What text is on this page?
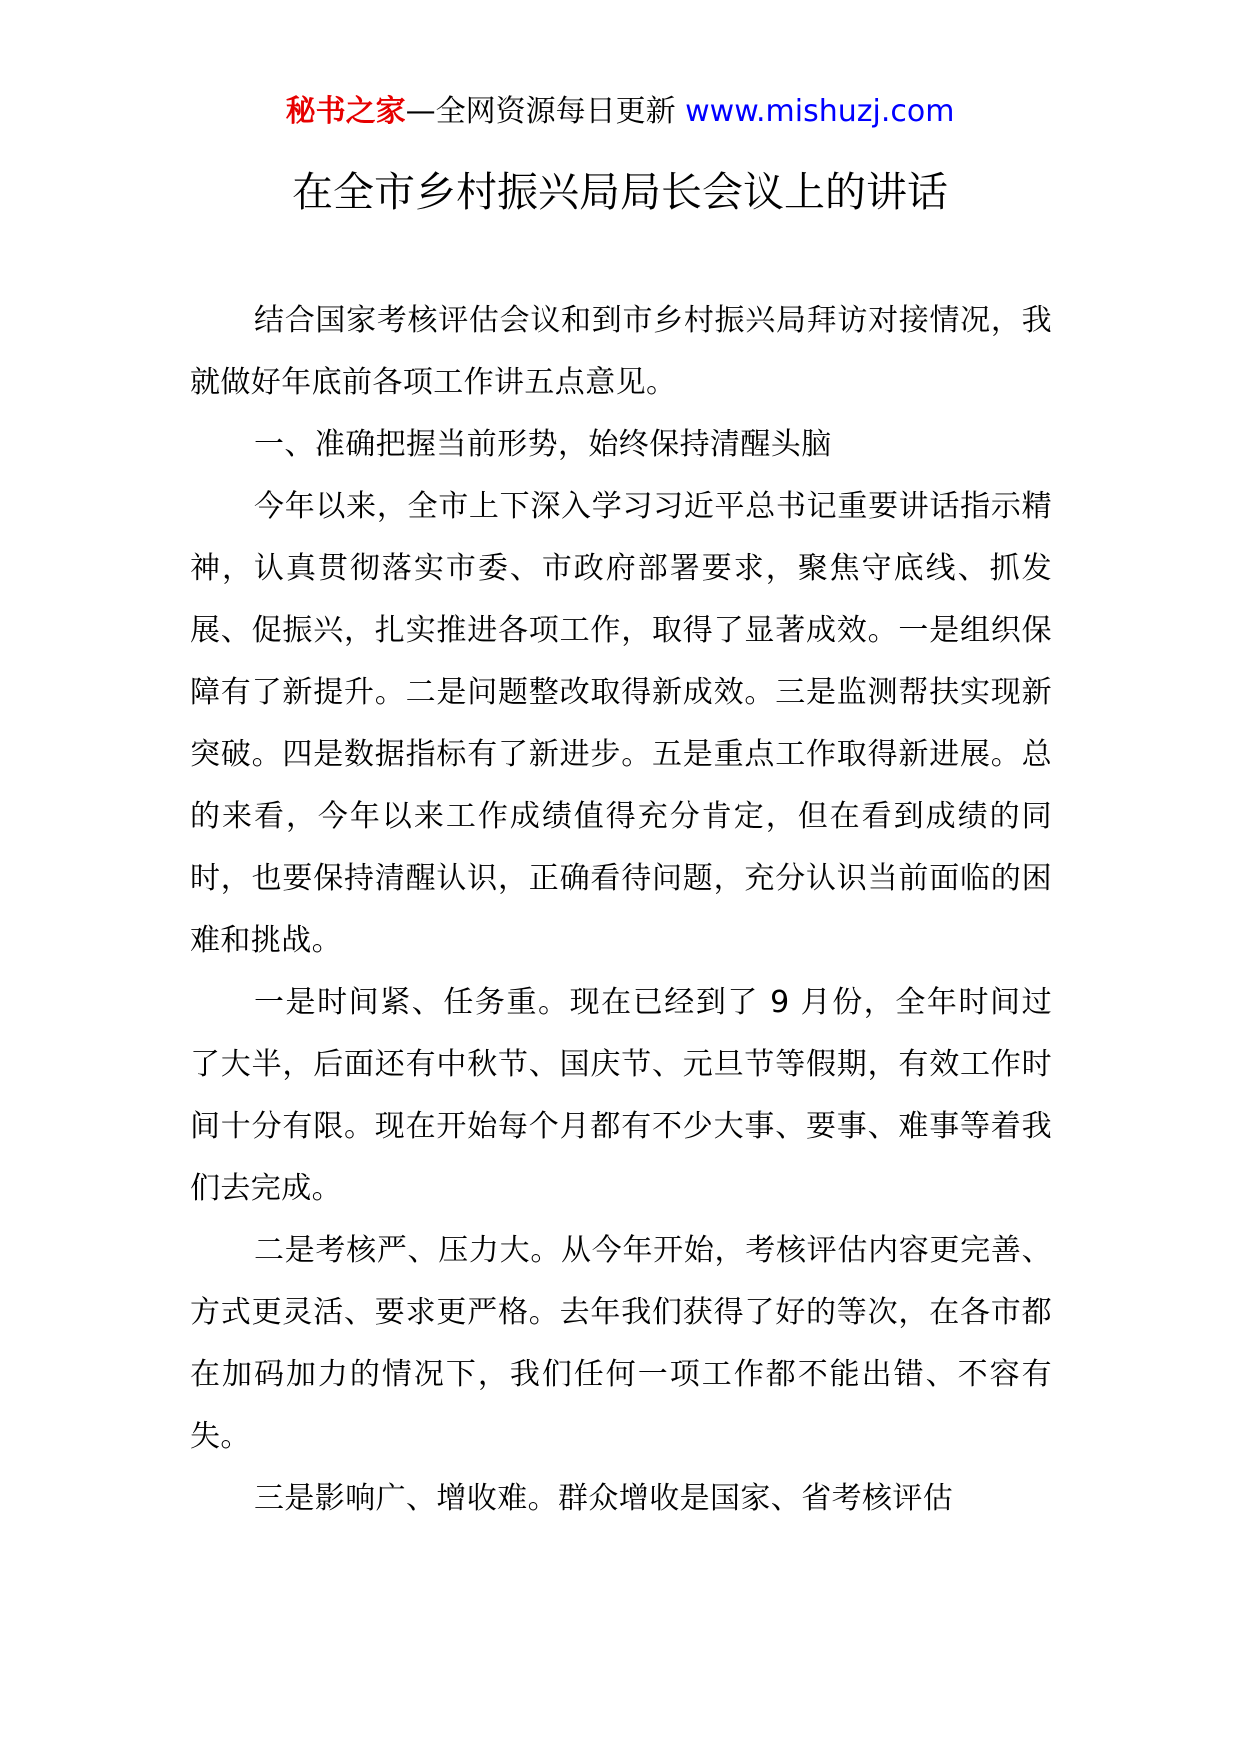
秘书之家—全网资源每日更新 www.mishuzj.com
在全市乡村振兴局局长会议上的讲话

结合国家考核评估会议和到市乡村振兴局拜访对接情况，我就做好年底前各项工作讲五点意见。

一、准确把握当前形势，始终保持清醒头脑

今年以来，全市上下深入学习习近平总书记重要讲话指示精神，认真贯彻落实市委、市政府部署要求，聚焦守底线、抓发展、促振兴，扎实推进各项工作，取得了显著成效。一是组织保障有了新提升。二是问题整改取得新成效。三是监测帮扶实现新突破。四是数据指标有了新进步。五是重点工作取得新进展。总的来看，今年以来工作成绩值得充分肯定，但在看到成绩的同时，也要保持清醒认识，正确看待问题，充分认识当前面临的困难和挑战。

一是时间紧、任务重。现在已经到了 9 月份，全年时间过了大半，后面还有中秋节、国庆节、元旦节等假期，有效工作时间十分有限。现在开始每个月都有不少大事、要事、难事等着我们去完成。

二是考核严、压力大。从今年开始，考核评估内容更完善、方式更灵活、要求更严格。去年我们获得了好的等次，在各市都在加码加力的情况下，我们任何一项工作都不能出错、不容有失。

三是影响广、增收难。群众增收是国家、省考核评估
